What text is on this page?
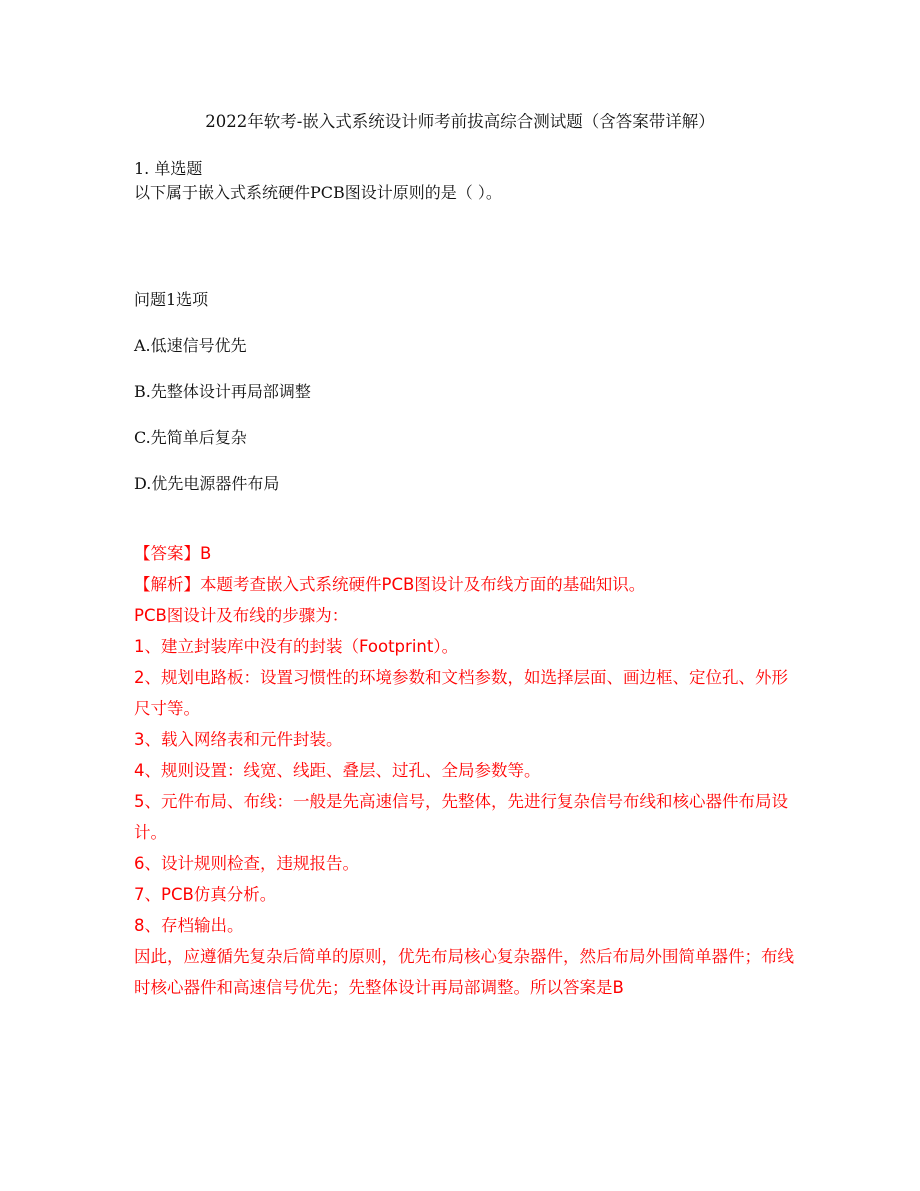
2022年软考-嵌入式系统设计师考前拔高综合测试题（含答案带详解）
1. 单选题
以下属于嵌入式系统硬件PCB图设计原则的是（ ）。
问题1选项
A.低速信号优先
B.先整体设计再局部调整
C.先简单后复杂
D.优先电源器件布局
【答案】B
【解析】本题考查嵌入式系统硬件PCB图设计及布线方面的基础知识。
PCB图设计及布线的步骤为：
1、建立封装库中没有的封装（Footprint）。
2、规划电路板：设置习惯性的环境参数和文档参数，如选择层面、画边框、定位孔、外形尺寸等。
3、载入网络表和元件封装。
4、规则设置：线宽、线距、叠层、过孔、全局参数等。
5、元件布局、布线：一般是先高速信号，先整体，先进行复杂信号布线和核心器件布局设计。
6、设计规则检查，违规报告。
7、PCB仿真分析。
8、存档输出。
因此，应遵循先复杂后简单的原则，优先布局核心复杂器件，然后布局外围简单器件；布线时核心器件和高速信号优先；先整体设计再局部调整。所以答案是B
